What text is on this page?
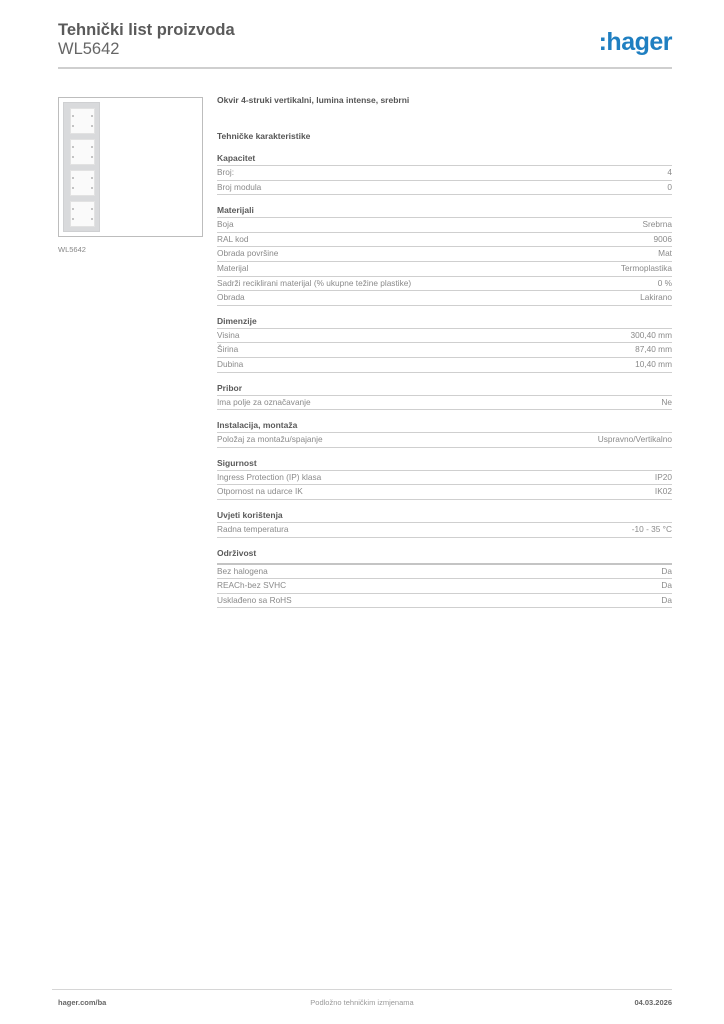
Tehnički list proizvoda
WL5642	:hager
WL5642
Okvir 4-struki vertikalni, lumina intense, srebrni
Tehničke karakteristike
Kapacitet
Broj:	4
Broj modula	0
Materijali
Boja	Srebrna
RAL kod	9006
Obrada površine	Mat
Materijal	Termoplastika
Sadrži reciklirani materijal (% ukupne težine plastike)	0 %
Obrada	Lakirano
Dimenzije
Visina	300,40 mm
Širina	87,40 mm
Dubina	10,40 mm
Pribor
Ima polje za označavanje	Ne
Instalacija, montaža
Položaj za montažu/spajanje	Uspravno/Vertikalno
Sigurnost
Ingress Protection (IP) klasa	IP20
Otpornost na udarce IK	IK02
Uvjeti korištenja
Radna temperatura	-10 - 35 °C
Održivost
Bez halogena	Da
REACh-bez SVHC	Da
Usklađeno sa RoHS	Da
hager.com/ba	Podložno tehničkim izmjenama	04.03.2026
